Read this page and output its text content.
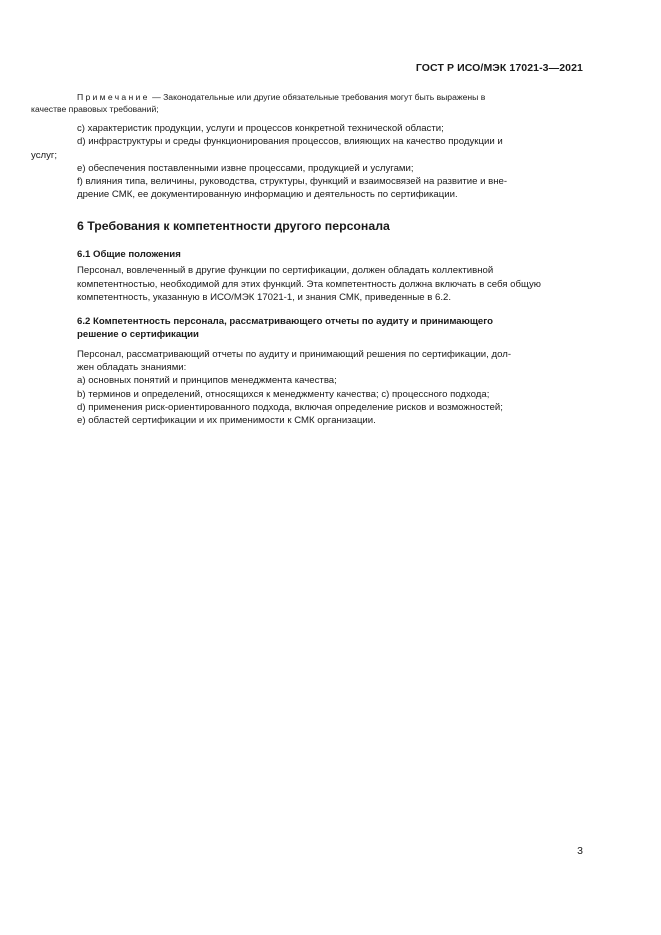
ГОСТ Р ИСО/МЭК 17021-3—2021
Примечание — Законодательные или другие обязательные требования могут быть выражены в
качестве правовых требований;
c) характеристик продукции, услуги и процессов конкретной технической области;
d) инфраструктуры и среды функционирования процессов, влияющих на качество продукции и
услуг;
e) обеспечения поставленными извне процессами, продукцией и услугами;
f) влияния типа, величины, руководства, структуры, функций и взаимосвязей на развитие и вне-
дрение СМК, ее документированную информацию и деятельность по сертификации.
6 Требования к компетентности другого персонала
6.1 Общие положения
Персонал, вовлеченный в другие функции по сертификации, должен обладать коллективной
компетентностью, необходимой для этих функций. Эта компетентность должна включать в себя общую
компетентность, указанную в ИСО/МЭК 17021-1, и знания СМК, приведенные в 6.2.
6.2 Компетентность персонала, рассматривающего отчеты по аудиту и принимающего
решение о сертификации
Персонал, рассматривающий отчеты по аудиту и принимающий решения по сертификации, дол-
жен обладать знаниями:
a) основных понятий и принципов менеджмента качества; b) терминов и определений, относящихся к менеджменту качества; c) процессного подхода; d) применения риск-ориентированного подхода, включая определение рисков и возможностей; e) областей сертификации и их применимости к СМК организации.
3
